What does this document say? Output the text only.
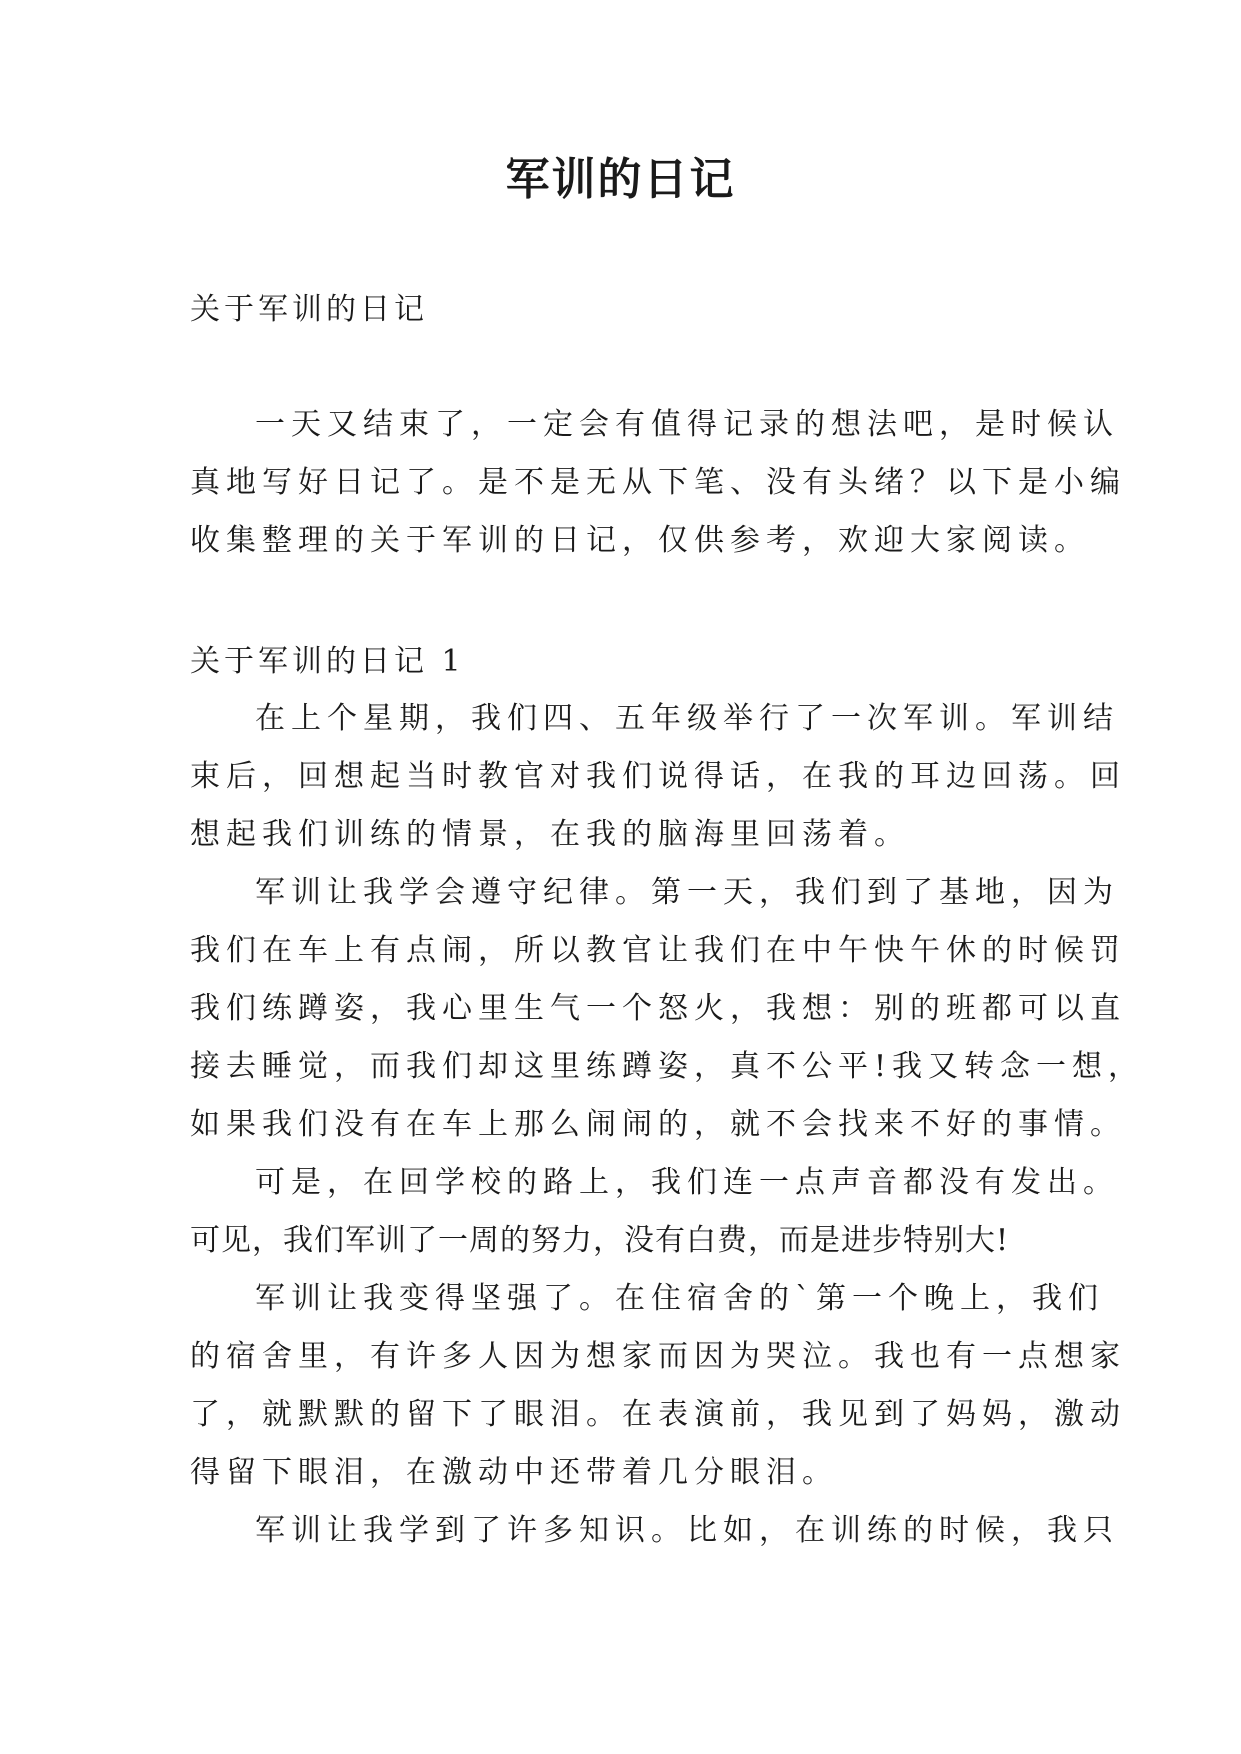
军训的日记
关于军训的日记
一天又结束了，一定会有值得记录的想法吧，是时候认
真地写好日记了。是不是无从下笔、没有头绪？以下是小编
收集整理的关于军训的日记，仅供参考，欢迎大家阅读。
关于军训的日记 1
在上个星期，我们四、五年级举行了一次军训。军训结
束后，回想起当时教官对我们说得话，在我的耳边回荡。回
想起我们训练的情景，在我的脑海里回荡着。
军训让我学会遵守纪律。第一天，我们到了基地，因为
我们在车上有点闹，所以教官让我们在中午快午休的时候罚
我们练蹲姿，我心里生气一个怒火，我想：别的班都可以直
接去睡觉，而我们却这里练蹲姿，真不公平!我又转念一想，
如果我们没有在车上那么闹闹的，就不会找来不好的事情。
可是，在回学校的路上，我们连一点声音都没有发出。
可见，我们军训了一周的努力，没有白费，而是进步特别大!
军训让我变得坚强了。在住宿舍的`第一个晚上，我们
的宿舍里，有许多人因为想家而因为哭泣。我也有一点想家
了，就默默的留下了眼泪。在表演前，我见到了妈妈，激动
得留下眼泪，在激动中还带着几分眼泪。
军训让我学到了许多知识。比如，在训练的时候，我只
